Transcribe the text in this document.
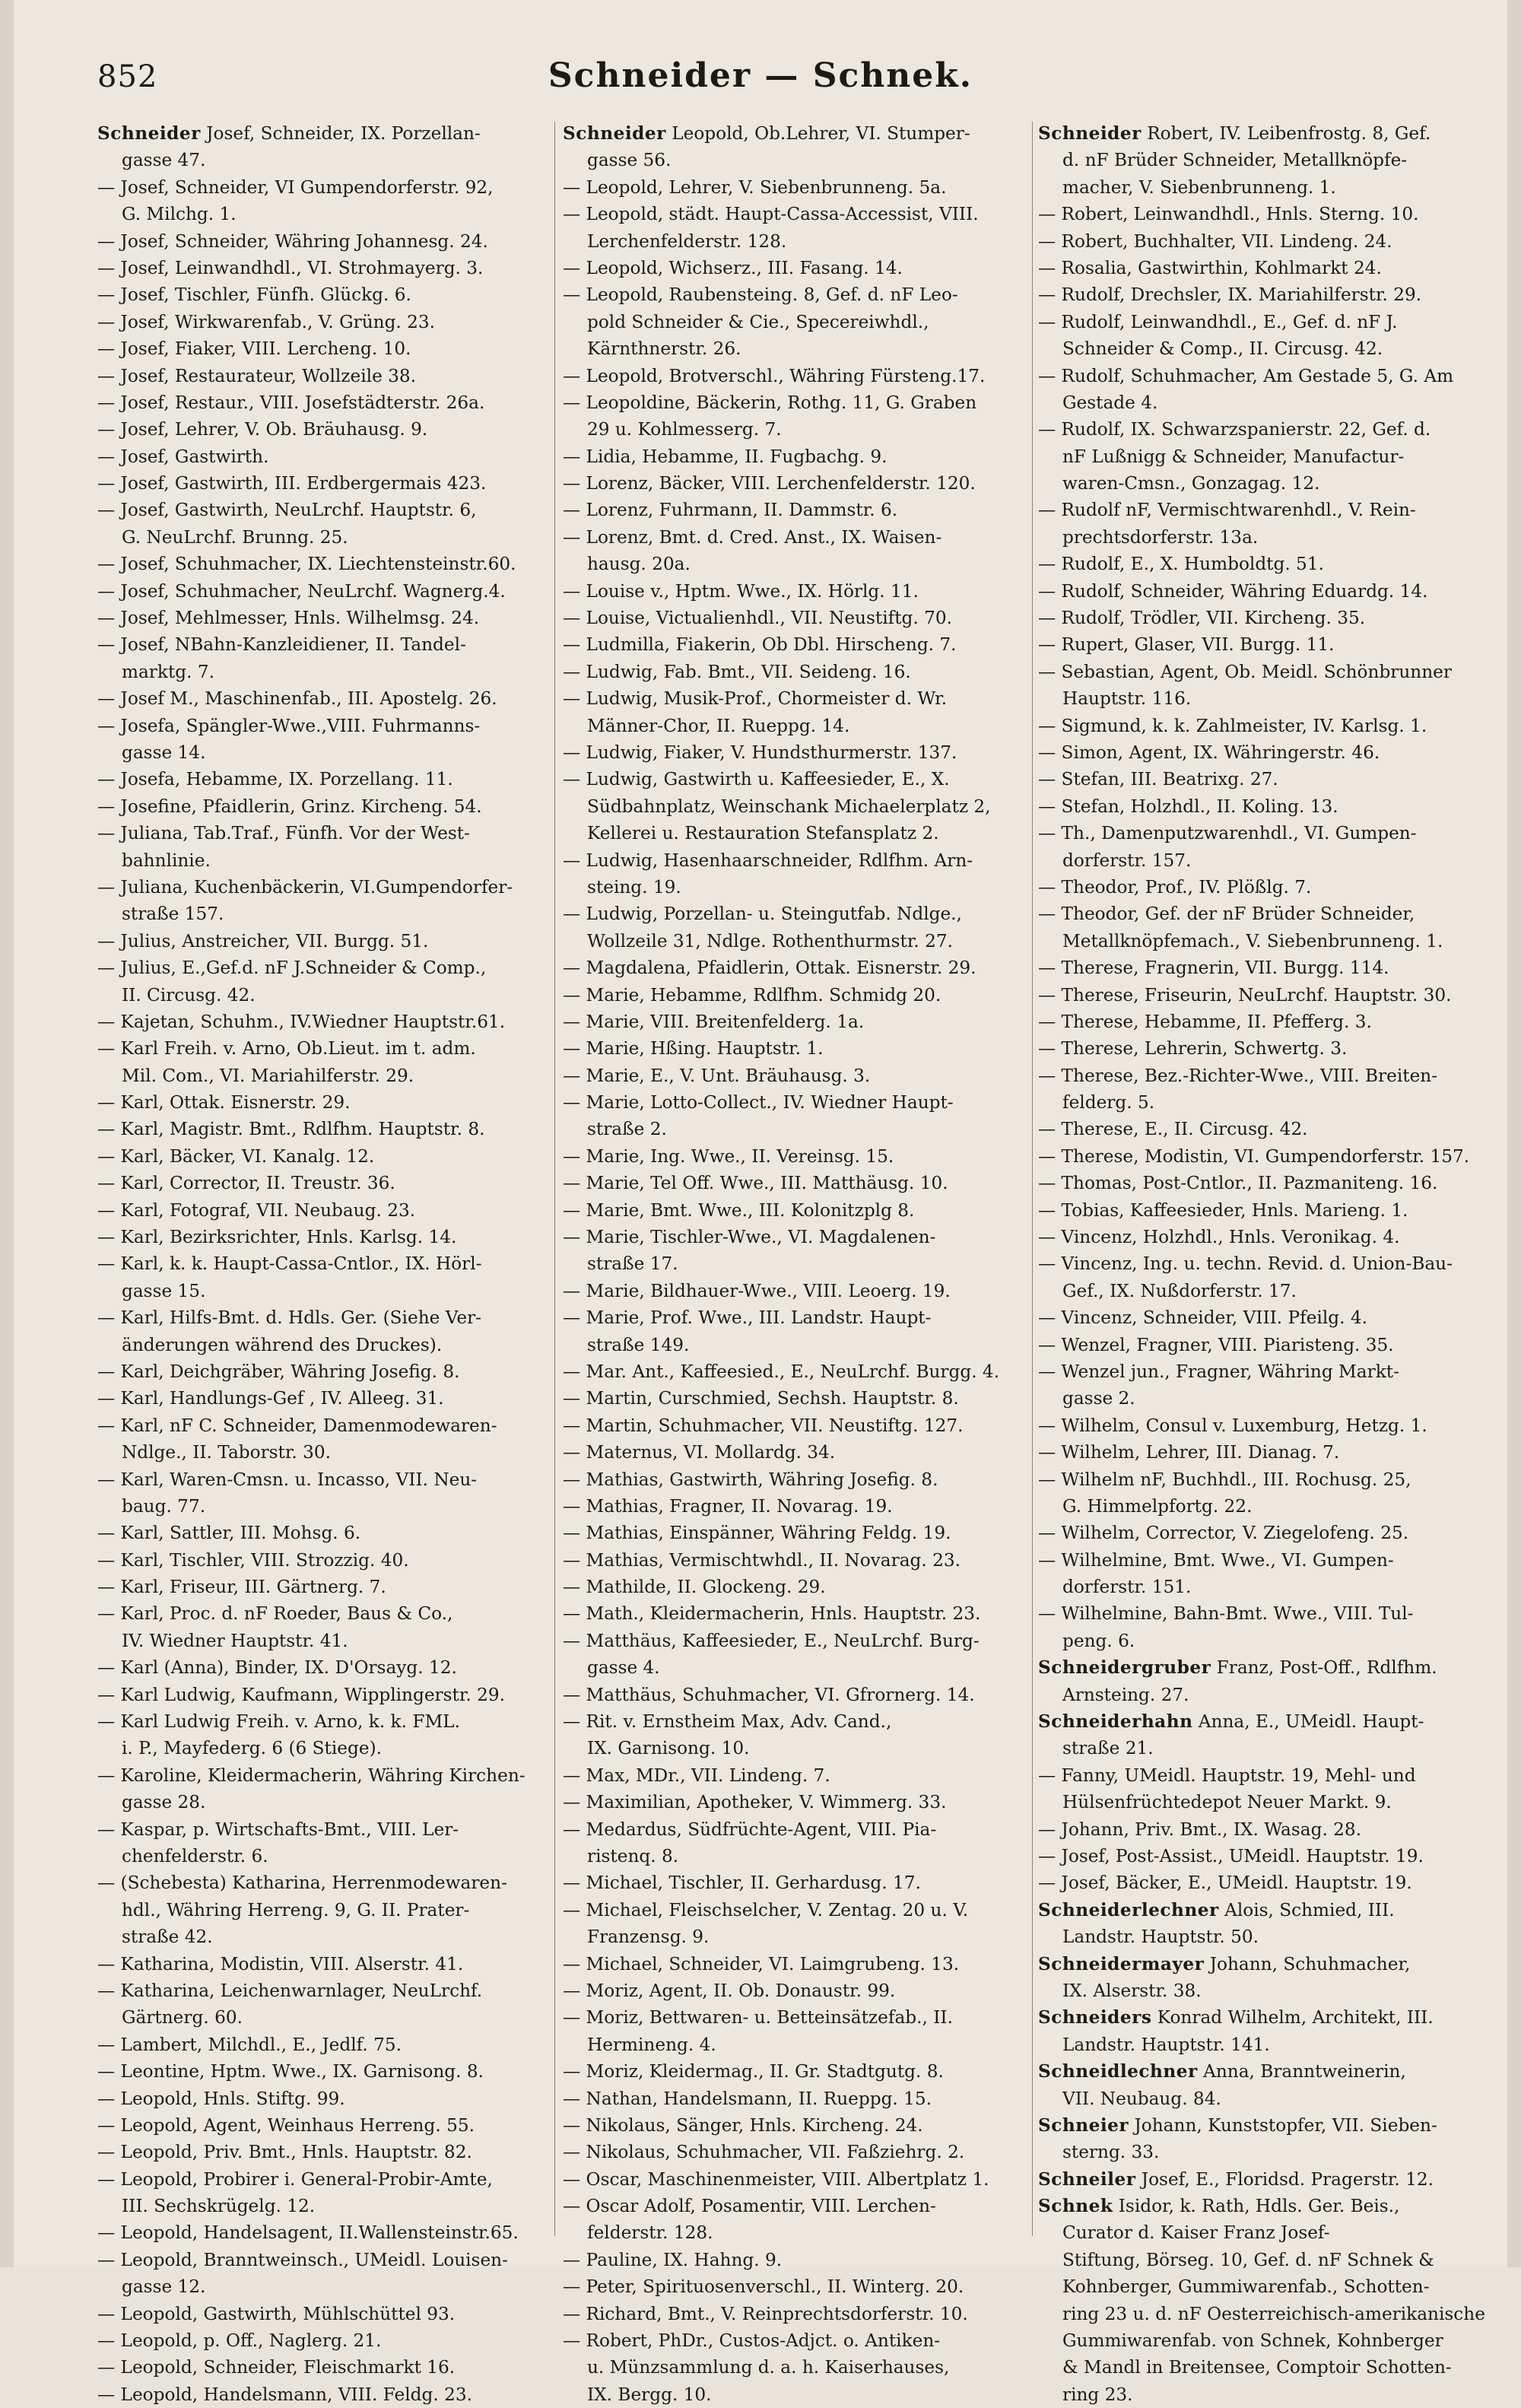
852	Schneider — Schnek.
Schneider Josef, Schneider, IX. Porzellan-
gasse 47.
— Josef, Schneider, VI Gumpendorferstr. 92,
G. Milchg. 1.
— Josef, Schneider, Währing Johannesg. 24.
— Josef, Leinwandhdl., VI. Strohmayerg. 3.
— Josef, Tischler, Fünfh. Glückg. 6.
— Josef, Wirkwarenfab., V. Grüng. 23.
— Josef, Fiaker, VIII. Lercheng. 10.
— Josef, Restaurateur, Wollzeile 38.
— Josef, Restaur., VIII. Josefstädterstr. 26a.
— Josef, Lehrer, V. Ob. Bräuhausg. 9.
— Josef, Gastwirth.
— Josef, Gastwirth, III. Erdbergermais 423.
— Josef, Gastwirth, NeuLrchf. Hauptstr. 6,
G. NeuLrchf. Brunng. 25.
— Josef, Schuhmacher, IX. Liechtensteinstr.60.
— Josef, Schuhmacher, NeuLrchf. Wagnerg.4.
— Josef, Mehlmesser, Hnls. Wilhelmsg. 24.
— Josef, NBahn-Kanzleidiener, II. Tandel-
marktg. 7.
— Josef M., Maschinenfab., III. Apostelg. 26.
— Josefa, Spängler-Wwe.,VIII. Fuhrmanns-
gasse 14.
— Josefa, Hebamme, IX. Porzellang. 11.
— Josefine, Pfaidlerin, Grinz. Kircheng. 54.
— Juliana, Tab.Traf., Fünfh. Vor der West-
bahnlinie.
— Juliana, Kuchenbäckerin, VI.Gumpendorfer-
straße 157.
— Julius, Anstreicher, VII. Burgg. 51.
— Julius, E.,Gef.d. nF J.Schneider & Comp.,
II. Circusg. 42.
— Kajetan, Schuhm., IV.Wiedner Hauptstr.61.
— Karl Freih. v. Arno, Ob.Lieut. im t. adm.
Mil. Com., VI. Mariahilferstr. 29.
— Karl, Ottak. Eisnerstr. 29.
— Karl, Magistr. Bmt., Rdlfhm. Hauptstr. 8.
— Karl, Bäcker, VI. Kanalg. 12.
— Karl, Corrector, II. Treustr. 36.
— Karl, Fotograf, VII. Neubaug. 23.
— Karl, Bezirksrichter, Hnls. Karlsg. 14.
— Karl, k. k. Haupt-Cassa-Cntlor., IX. Hörl-
gasse 15.
— Karl, Hilfs-Bmt. d. Hdls. Ger. (Siehe Ver-
änderungen während des Druckes).
— Karl, Deichgräber, Währing Josefig. 8.
— Karl, Handlungs-Gef , IV. Alleeg. 31.
— Karl, nF C. Schneider, Damenmodewaren-
Ndlge., II. Taborstr. 30.
— Karl, Waren-Cmsn. u. Incasso, VII. Neu-
baug. 77.
— Karl, Sattler, III. Mohsg. 6.
— Karl, Tischler, VIII. Strozzig. 40.
— Karl, Friseur, III. Gärtnerg. 7.
— Karl, Proc. d. nF Roeder, Baus & Co.,
IV. Wiedner Hauptstr. 41.
— Karl (Anna), Binder, IX. D'Orsayg. 12.
— Karl Ludwig, Kaufmann, Wipplingerstr. 29.
— Karl Ludwig Freih. v. Arno, k. k. FML.
i. P., Mayfederg. 6 (6 Stiege).
— Karoline, Kleidermacherin, Währing Kirchen-
gasse 28.
— Kaspar, p. Wirtschafts-Bmt., VIII. Ler-
chenfelderstr. 6.
— (Schebesta) Katharina, Herrenmodewaren-
hdl., Währing Herreng. 9, G. II. Prater-
straße 42.
— Katharina, Modistin, VIII. Alserstr. 41.
— Katharina, Leichenwarnlager, NeuLrchf.
Gärtnerg. 60.
— Lambert, Milchdl., E., Jedlf. 75.
— Leontine, Hptm. Wwe., IX. Garnisong. 8.
— Leopold, Hnls. Stiftg. 99.
— Leopold, Agent, Weinhaus Herreng. 55.
— Leopold, Priv. Bmt., Hnls. Hauptstr. 82.
— Leopold, Probirer i. General-Probir-Amte,
III. Sechskrügelg. 12.
— Leopold, Handelsagent, II.Wallensteinstr.65.
— Leopold, Branntweinsch., UMeidl. Louisen-
gasse 12.
— Leopold, Gastwirth, Mühlschüttel 93.
— Leopold, p. Off., Naglerg. 21.
— Leopold, Schneider, Fleischmarkt 16.
— Leopold, Handelsmann, VIII. Feldg. 23.
Schneider Leopold, Ob.Lehrer, VI. Stumper-
gasse 56.
— Leopold, Lehrer, V. Siebenbrunneng. 5a.
— Leopold, städt. Haupt-Cassa-Accessist, VIII.
Lerchenfelderstr. 128.
— Leopold, Wichserz., III. Fasang. 14.
— Leopold, Raubensteing. 8, Gef. d. nF Leo-
pold Schneider & Cie., Specereiwhdl.,
Kärnthnerstr. 26.
— Leopold, Brotverschl., Währing Fürsteng.17.
— Leopoldine, Bäckerin, Rothg. 11, G. Graben
29 u. Kohlmesserg. 7.
— Lidia, Hebamme, II. Fugbachg. 9.
— Lorenz, Bäcker, VIII. Lerchenfelderstr. 120.
— Lorenz, Fuhrmann, II. Dammstr. 6.
— Lorenz, Bmt. d. Cred. Anst., IX. Waisen-
hausg. 20a.
— Louise v., Hptm. Wwe., IX. Hörlg. 11.
— Louise, Victualienhdl., VII. Neustiftg. 70.
— Ludmilla, Fiakerin, Ob Dbl. Hirscheng. 7.
— Ludwig, Fab. Bmt., VII. Seideng. 16.
— Ludwig, Musik-Prof., Chormeister d. Wr.
Männer-Chor, II. Rueppg. 14.
— Ludwig, Fiaker, V. Hundsthurmerstr. 137.
— Ludwig, Gastwirth u. Kaffeesieder, E., X.
Südbahnplatz, Weinschank Michaelerplatz 2,
Kellerei u. Restauration Stefansplatz 2.
— Ludwig, Hasenhaarschneider, Rdlfhm. Arn-
steing. 19.
— Ludwig, Porzellan- u. Steingutfab. Ndlge.,
Wollzeile 31, Ndlge. Rothenthurmstr. 27.
— Magdalena, Pfaidlerin, Ottak. Eisnerstr. 29.
— Marie, Hebamme, Rdlfhm. Schmidg 20.
— Marie, VIII. Breitenfelderg. 1a.
— Marie, Hßing. Hauptstr. 1.
— Marie, E., V. Unt. Bräuhausg. 3.
— Marie, Lotto-Collect., IV. Wiedner Haupt-
straße 2.
— Marie, Ing. Wwe., II. Vereinsg. 15.
— Marie, Tel Off. Wwe., III. Matthäusg. 10.
— Marie, Bmt. Wwe., III. Kolonitzplg 8.
— Marie, Tischler-Wwe., VI. Magdalenen-
straße 17.
— Marie, Bildhauer-Wwe., VIII. Leoerg. 19.
— Marie, Prof. Wwe., III. Landstr. Haupt-
straße 149.
— Mar. Ant., Kaffeesied., E., NeuLrchf. Burgg. 4.
— Martin, Curschmied, Sechsh. Hauptstr. 8.
— Martin, Schuhmacher, VII. Neustiftg. 127.
— Maternus, VI. Mollardg. 34.
— Mathias, Gastwirth, Währing Josefig. 8.
— Mathias, Fragner, II. Novarag. 19.
— Mathias, Einspänner, Währing Feldg. 19.
— Mathias, Vermischtwhdl., II. Novarag. 23.
— Mathilde, II. Glockeng. 29.
— Math., Kleidermacherin, Hnls. Hauptstr. 23.
— Matthäus, Kaffeesieder, E., NeuLrchf. Burg-
gasse 4.
— Matthäus, Schuhmacher, VI. Gfrornerg. 14.
— Rit. v. Ernstheim Max, Adv. Cand.,
IX. Garnisong. 10.
— Max, MDr., VII. Lindeng. 7.
— Maximilian, Apotheker, V. Wimmerg. 33.
— Medardus, Südfrüchte-Agent, VIII. Pia-
ristenq. 8.
— Michael, Tischler, II. Gerhardusg. 17.
— Michael, Fleischselcher, V. Zentag. 20 u. V.
Franzensg. 9.
— Michael, Schneider, VI. Laimgrubeng. 13.
— Moriz, Agent, II. Ob. Donaustr. 99.
— Moriz, Bettwaren- u. Betteinsätzefab., II.
Hermineng. 4.
— Moriz, Kleidermag., II. Gr. Stadtgutg. 8.
— Nathan, Handelsmann, II. Rueppg. 15.
— Nikolaus, Sänger, Hnls. Kircheng. 24.
— Nikolaus, Schuhmacher, VII. Faßziehrg. 2.
— Oscar, Maschinenmeister, VIII. Albertplatz 1.
— Oscar Adolf, Posamentir, VIII. Lerchen-
felderstr. 128.
— Pauline, IX. Hahng. 9.
— Peter, Spirituosenverschl., II. Winterg. 20.
— Richard, Bmt., V. Reinprechtsdorferstr. 10.
— Robert, PhDr., Custos-Adjct. o. Antiken-
u. Münzsammlung d. a. h. Kaiserhauses,
IX. Bergg. 10.
Schneider Robert, IV. Leibenfrostg. 8, Gef.
d. nF Brüder Schneider, Metallknöpfe-
macher, V. Siebenbrunneng. 1.
— Robert, Leinwandhdl., Hnls. Sterng. 10.
— Robert, Buchhalter, VII. Lindeng. 24.
— Rosalia, Gastwirthin, Kohlmarkt 24.
— Rudolf, Drechsler, IX. Mariahilferstr. 29.
— Rudolf, Leinwandhdl., E., Gef. d. nF J.
Schneider & Comp., II. Circusg. 42.
— Rudolf, Schuhmacher, Am Gestade 5, G. Am
Gestade 4.
— Rudolf, IX. Schwarzspanierstr. 22, Gef. d.
nF Lußnigg & Schneider, Manufactur-
waren-Cmsn., Gonzagag. 12.
— Rudolf nF, Vermischtwarenhdl., V. Rein-
prechtsdorferstr. 13a.
— Rudolf, E., X. Humboldtg. 51.
— Rudolf, Schneider, Währing Eduardg. 14.
— Rudolf, Trödler, VII. Kircheng. 35.
— Rupert, Glaser, VII. Burgg. 11.
— Sebastian, Agent, Ob. Meidl. Schönbrunner
Hauptstr. 116.
— Sigmund, k. k. Zahlmeister, IV. Karlsg. 1.
— Simon, Agent, IX. Währingerstr. 46.
— Stefan, III. Beatrixg. 27.
— Stefan, Holzhdl., II. Koling. 13.
— Th., Damenputzwarenhdl., VI. Gumpen-
dorferstr. 157.
— Theodor, Prof., IV. Plößlg. 7.
— Theodor, Gef. der nF Brüder Schneider,
Metallknöpfemach., V. Siebenbrunneng. 1.
— Therese, Fragnerin, VII. Burgg. 114.
— Therese, Friseurin, NeuLrchf. Hauptstr. 30.
— Therese, Hebamme, II. Pfefferg. 3.
— Therese, Lehrerin, Schwertg. 3.
— Therese, Bez.-Richter-Wwe., VIII. Breiten-
felderg. 5.
— Therese, E., II. Circusg. 42.
— Therese, Modistin, VI. Gumpendorferstr. 157.
— Thomas, Post-Cntlor., II. Pazmaniteng. 16.
— Tobias, Kaffeesieder, Hnls. Marieng. 1.
— Vincenz, Holzhdl., Hnls. Veronikag. 4.
— Vincenz, Ing. u. techn. Revid. d. Union-Bau-
Gef., IX. Nußdorferstr. 17.
— Vincenz, Schneider, VIII. Pfeilg. 4.
— Wenzel, Fragner, VIII. Piaristeng. 35.
— Wenzel jun., Fragner, Währing Markt-
gasse 2.
— Wilhelm, Consul v. Luxemburg, Hetzg. 1.
— Wilhelm, Lehrer, III. Dianag. 7.
— Wilhelm nF, Buchhdl., III. Rochusg. 25,
G. Himmelpfortg. 22.
— Wilhelm, Corrector, V. Ziegelofeng. 25.
— Wilhelmine, Bmt. Wwe., VI. Gumpen-
dorferstr. 151.
— Wilhelmine, Bahn-Bmt. Wwe., VIII. Tul-
peng. 6.
Schneidergruber Franz, Post-Off., Rdlfhm.
Arnsteing. 27.
Schneiderhahn Anna, E., UMeidl. Haupt-
straße 21.
— Fanny, UMeidl. Hauptstr. 19, Mehl- und
Hülsenfrüchtedepot Neuer Markt. 9.
— Johann, Priv. Bmt., IX. Wasag. 28.
— Josef, Post-Assist., UMeidl. Hauptstr. 19.
— Josef, Bäcker, E., UMeidl. Hauptstr. 19.
Schneiderlechner Alois, Schmied, III.
Landstr. Hauptstr. 50.
Schneidermayer Johann, Schuhmacher,
IX. Alserstr. 38.
Schneiders Konrad Wilhelm, Architekt, III.
Landstr. Hauptstr. 141.
Schneidlechner Anna, Branntweinerin,
VII. Neubaug. 84.
Schneier Johann, Kunststopfer, VII. Sieben-
sterng. 33.
Schneiler Josef, E., Floridsd. Pragerstr. 12.
Schnek Isidor, k. Rath, Hdls. Ger. Beis.,
Curator d. Kaiser Franz Josef-
Stiftung, Börseg. 10, Gef. d. nF Schnek &
Kohnberger, Gummiwarenfab., Schotten-
ring 23 u. d. nF Oesterreichisch-amerikanische
Gummiwarenfab. von Schnek, Kohnberger
& Mandl in Breitensee, Comptoir Schotten-
ring 23.
